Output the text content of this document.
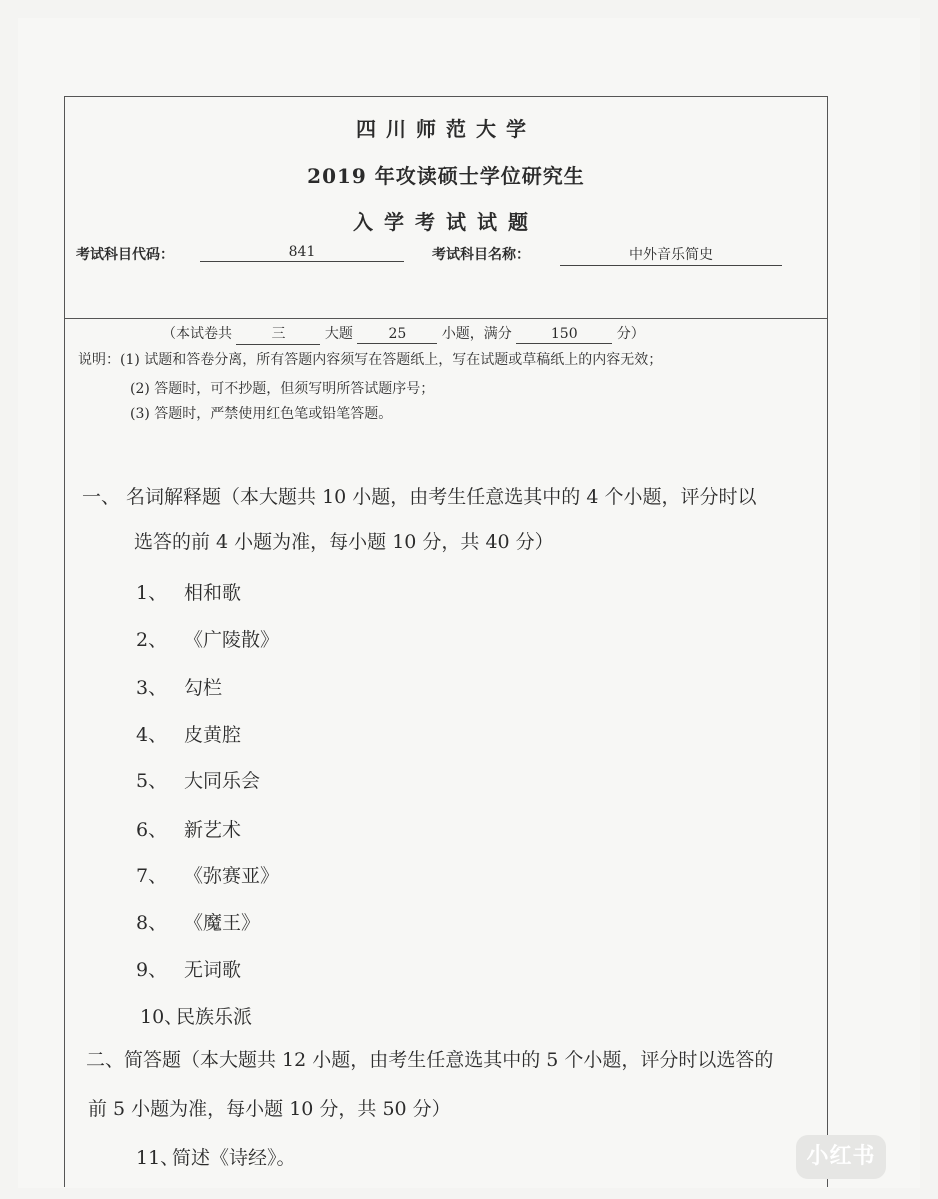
四川师范大学
2019 年攻读硕士学位研究生
入学考试试题
考试科目代码：	841	考试科目名称：	中外音乐简史
（本试卷共	三	大题	25	小题，满分	150	分）
说明：(1) 试题和答卷分离，所有答题内容须写在答题纸上，写在试题或草稿纸上的内容无效；
(2) 答题时，可不抄题，但须写明所答试题序号；
(3) 答题时，严禁使用红色笔或铅笔答题。
一、 名词解释题（本大题共 10 小题，由考生任意选其中的 4 个小题，评分时以
选答的前 4 小题为准，每小题 10 分，共 40 分）
1、 相和歌
2、 《广陵散》
3、 勾栏
4、 皮黄腔
5、 大同乐会
6、 新艺术
7、 《弥赛亚》
8、 《魔王》
9、 无词歌
10、民族乐派
二、简答题（本大题共 12 小题，由考生任意选其中的 5 个小题，评分时以选答的
前 5 小题为准，每小题 10 分，共 50 分）
11、简述《诗经》。	小红书
